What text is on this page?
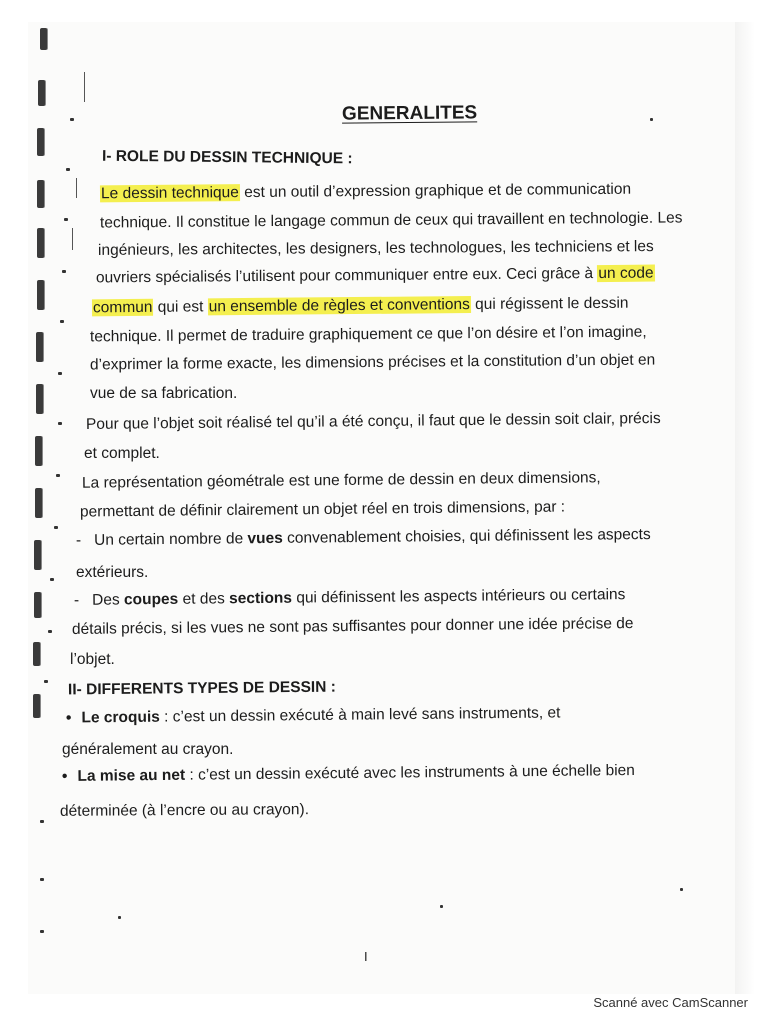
GENERALITES
I- ROLE DU DESSIN TECHNIQUE :
Le dessin technique est un outil d’expression graphique et de communication
technique. Il constitue le langage commun de ceux qui travaillent en technologie. Les
ingénieurs, les architectes, les designers, les technologues, les techniciens et les
ouvriers spécialisés l’utilisent pour communiquer entre eux. Ceci grâce à un code
commun qui est un ensemble de règles et conventions qui régissent le dessin
technique. Il permet de traduire graphiquement ce que l’on désire et l’on imagine,
d’exprimer la forme exacte, les dimensions précises et la constitution d’un objet en
vue de sa fabrication.
Pour que l’objet soit réalisé tel qu’il a été conçu, il faut que le dessin soit clair, précis
et complet.
La représentation géométrale est une forme de dessin en deux dimensions,
permettant de définir clairement un objet réel en trois dimensions, par :
- Un certain nombre de vues convenablement choisies, qui définissent les aspects
extérieurs.
- Des coupes et des sections qui définissent les aspects intérieurs ou certains
détails précis, si les vues ne sont pas suffisantes pour donner une idée précise de
l’objet.
II- DIFFERENTS TYPES DE DESSIN :
• Le croquis : c’est un dessin exécuté à main levé sans instruments, et
généralement au crayon.
• La mise au net : c’est un dessin exécuté avec les instruments à une échelle bien
déterminée (à l’encre ou au crayon).
I
Scanné avec CamScanner
